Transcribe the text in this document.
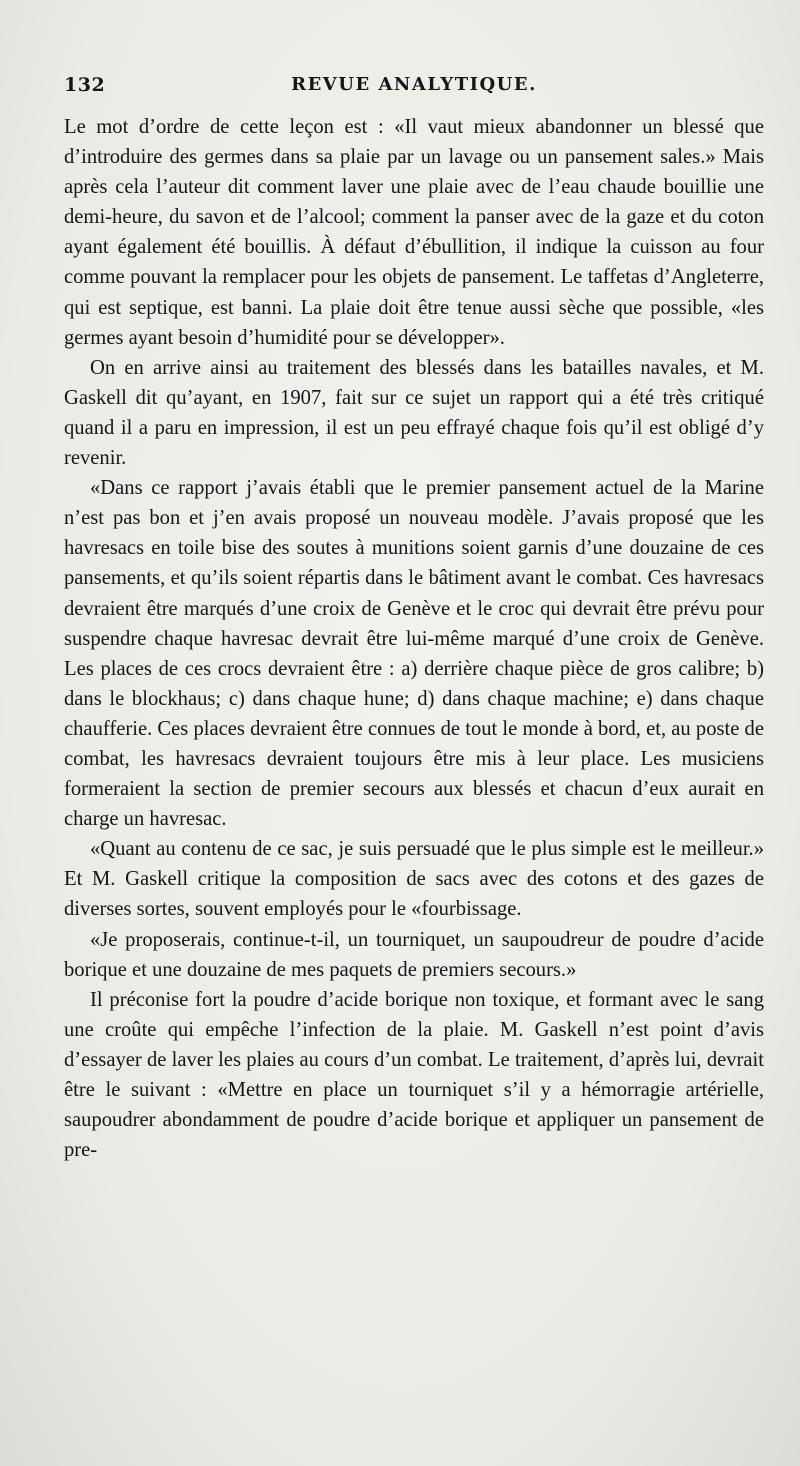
132	REVUE ANALYTIQUE.

Le mot d’ordre de cette leçon est : «Il vaut mieux abandonner un blessé que d’introduire des germes dans sa plaie par un lavage ou un pansement sales.» Mais après cela l’auteur dit comment laver une plaie avec de l’eau chaude bouillie une demi-heure, du savon et de l’alcool; comment la panser avec de la gaze et du coton ayant également été bouillis. À défaut d’ébullition, il indique la cuisson au four comme pouvant la remplacer pour les objets de pansement. Le taffetas d’Angleterre, qui est septique, est banni. La plaie doit être tenue aussi sèche que possible, «les germes ayant besoin d’humidité pour se développer».

On en arrive ainsi au traitement des blessés dans les batailles navales, et M. Gaskell dit qu’ayant, en 1907, fait sur ce sujet un rapport qui a été très critiqué quand il a paru en impression, il est un peu effrayé chaque fois qu’il est obligé d’y revenir.

«Dans ce rapport j’avais établi que le premier pansement actuel de la Marine n’est pas bon et j’en avais proposé un nouveau modèle. J’avais proposé que les havresacs en toile bise des soutes à munitions soient garnis d’une douzaine de ces pansements, et qu’ils soient répartis dans le bâtiment avant le combat. Ces havresacs devraient être marqués d’une croix de Genève et le croc qui devrait être prévu pour suspendre chaque havresac devrait être lui-même marqué d’une croix de Genève. Les places de ces crocs devraient être : a) derrière chaque pièce de gros calibre; b) dans le blockhaus; c) dans chaque hune; d) dans chaque machine; e) dans chaque chaufferie. Ces places devraient être connues de tout le monde à bord, et, au poste de combat, les havresacs devraient toujours être mis à leur place. Les musiciens formeraient la section de premier secours aux blessés et chacun d’eux aurait en charge un havresac.

«Quant au contenu de ce sac, je suis persuadé que le plus simple est le meilleur.» Et M. Gaskell critique la composition de sacs avec des cotons et des gazes de diverses sortes, souvent employés pour le «fourbissage.

«Je proposerais, continue-t-il, un tourniquet, un saupoudreur de poudre d’acide borique et une douzaine de mes paquets de premiers secours.»

Il préconise fort la poudre d’acide borique non toxique, et formant avec le sang une croûte qui empêche l’infection de la plaie. M. Gaskell n’est point d’avis d’essayer de laver les plaies au cours d’un combat. Le traitement, d’après lui, devrait être le suivant : «Mettre en place un tourniquet s’il y a hémorragie artérielle, saupoudrer abondamment de poudre d’acide borique et appliquer un pansement de pre-
